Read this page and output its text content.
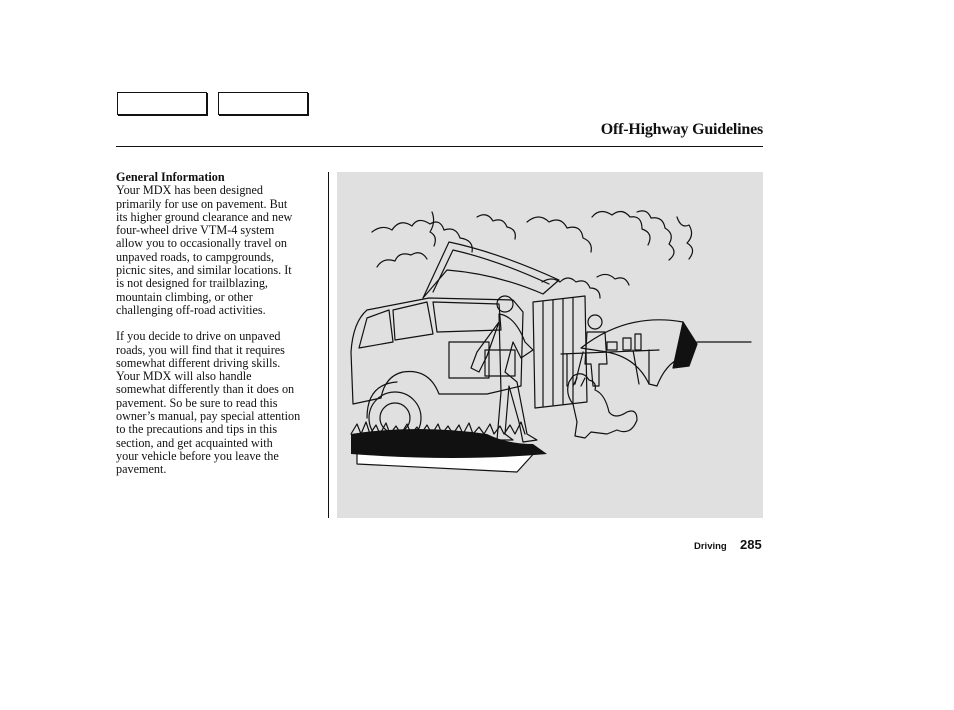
Off-Highway Guidelines
General Information

Your MDX has been designed
primarily for use on pavement. But
its higher ground clearance and new
four-wheel drive VTM-4 system
allow you to occasionally travel on
unpaved roads, to campgrounds,
picnic sites, and similar locations. It
is not designed for trailblazing,
mountain climbing, or other
challenging off-road activities.

If you decide to drive on unpaved
roads, you will find that it requires
somewhat different driving skills.
Your MDX will also handle
somewhat differently than it does on
pavement. So be sure to read this
owner’s manual, pay special attention
to the precautions and tips in this
section, and get acquainted with
your vehicle before you leave the
pavement.

Driving 285
